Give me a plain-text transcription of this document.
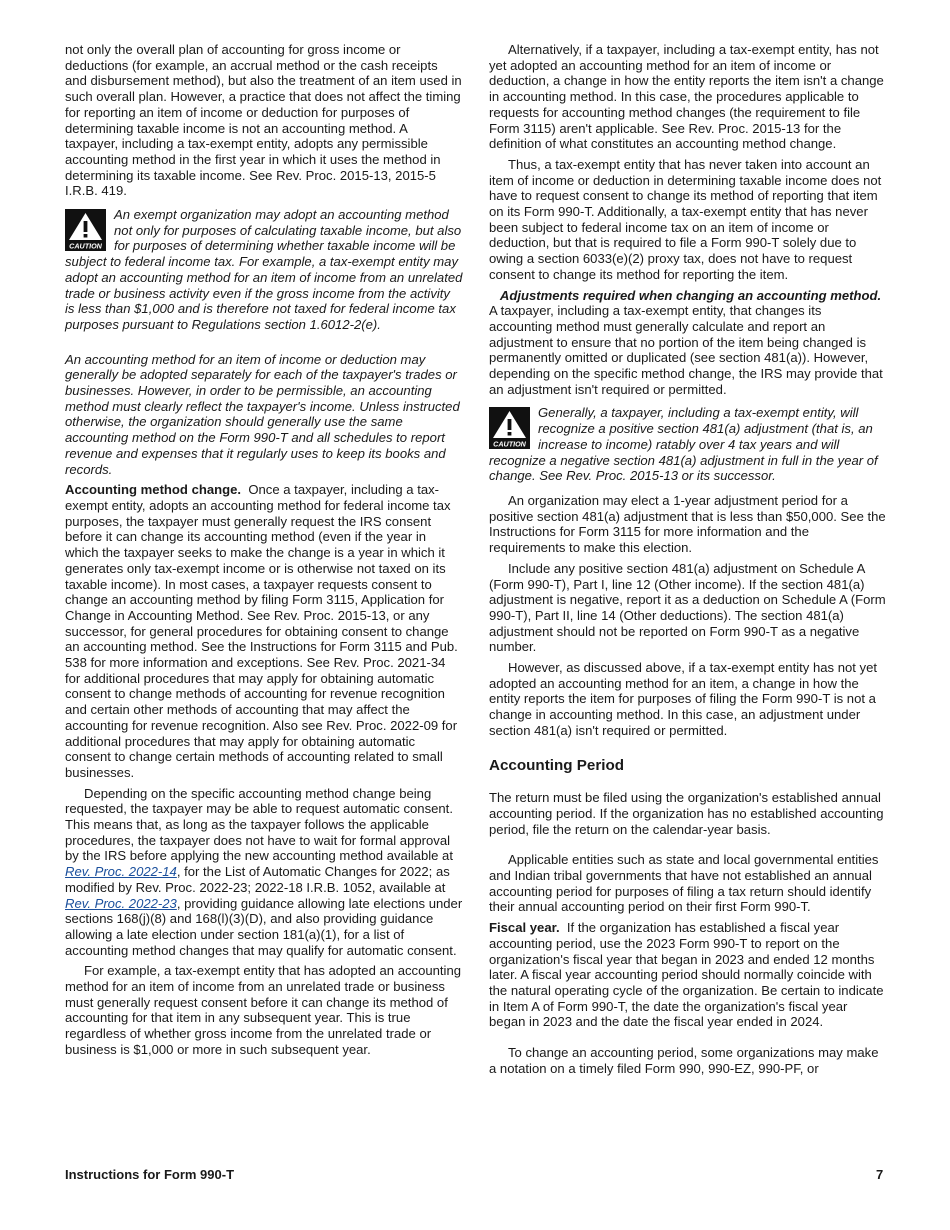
not only the overall plan of accounting for gross income or deductions (for example, an accrual method or the cash receipts and disbursement method), but also the treatment of an item used in such overall plan. However, a practice that does not affect the timing for reporting an item of income or deduction for purposes of determining taxable income is not an accounting method. A taxpayer, including a tax-exempt entity, adopts any permissible accounting method in the first year in which it uses the method in determining its taxable income. See Rev. Proc. 2015-13, 2015-5 I.R.B. 419.

CAUTION
An exempt organization may adopt an accounting method not only for purposes of calculating taxable income, but also for purposes of determining whether taxable income will be subject to federal income tax. For example, a tax-exempt entity may adopt an accounting method for an item of income from an unrelated trade or business activity even if the gross income from the activity is less than $1,000 and is therefore not taxed for federal income tax purposes pursuant to Regulations section 1.6012-2(e).

An accounting method for an item of income or deduction may generally be adopted separately for each of the taxpayer's trades or businesses. However, in order to be permissible, an accounting method must clearly reflect the taxpayer's income. Unless instructed otherwise, the organization should generally use the same accounting method on the Form 990-T and all schedules to report revenue and expenses that it regularly uses to keep its books and records.

Accounting method change. Once a taxpayer, including a tax-exempt entity, adopts an accounting method for federal income tax purposes, the taxpayer must generally request the IRS consent before it can change its accounting method (even if the year in which the taxpayer seeks to make the change is a year in which it generates only tax-exempt income or is otherwise not taxed on its taxable income). In most cases, a taxpayer requests consent to change an accounting method by filing Form 3115, Application for Change in Accounting Method. See Rev. Proc. 2015-13, or any successor, for general procedures for obtaining consent to change an accounting method. See the Instructions for Form 3115 and Pub. 538 for more information and exceptions. See Rev. Proc. 2021-34 for additional procedures that may apply for obtaining automatic consent to change methods of accounting for revenue recognition and certain other methods of accounting that may affect the accounting for revenue recognition. Also see Rev. Proc. 2022-09 for additional procedures that may apply for obtaining automatic consent to change certain methods of accounting related to small businesses.

Depending on the specific accounting method change being requested, the taxpayer may be able to request automatic consent. This means that, as long as the taxpayer follows the applicable procedures, the taxpayer does not have to wait for formal approval by the IRS before applying the new accounting method available at Rev. Proc. 2022-14, for the List of Automatic Changes for 2022; as modified by Rev. Proc. 2022-23; 2022-18 I.R.B. 1052, available at Rev. Proc. 2022-23, providing guidance allowing late elections under sections 168(j)(8) and 168(l)(3)(D), and also providing guidance allowing a late election under section 181(a)(1), for a list of accounting method changes that may qualify for automatic consent.

For example, a tax-exempt entity that has adopted an accounting method for an item of income from an unrelated trade or business must generally request consent before it can change its method of accounting for that item in any subsequent year. This is true regardless of whether gross income from the unrelated trade or business is $1,000 or more in such subsequent year.

Alternatively, if a taxpayer, including a tax-exempt entity, has not yet adopted an accounting method for an item of income or deduction, a change in how the entity reports the item isn't a change in accounting method. In this case, the procedures applicable to requests for accounting method changes (the requirement to file Form 3115) aren't applicable. See Rev. Proc. 2015-13 for the definition of what constitutes an accounting method change.

Thus, a tax-exempt entity that has never taken into account an item of income or deduction in determining taxable income does not have to request consent to change its method of reporting that item on its Form 990-T. Additionally, a tax-exempt entity that has never been subject to federal income tax on an item of income or deduction, but that is required to file a Form 990-T solely due to owing a section 6033(e)(2) proxy tax, does not have to request consent to change its method for reporting the item.

Adjustments required when changing an accounting method.  A taxpayer, including a tax-exempt entity, that changes its accounting method must generally calculate and report an adjustment to ensure that no portion of the item being changed is permanently omitted or duplicated (see section 481(a)). However, depending on the specific method change, the IRS may provide that an adjustment isn't required or permitted.

CAUTION
Generally, a taxpayer, including a tax-exempt entity, will recognize a positive section 481(a) adjustment (that is, an increase to income) ratably over 4 tax years and will recognize a negative section 481(a) adjustment in full in the year of change. See Rev. Proc. 2015-13 or its successor.

An organization may elect a 1-year adjustment period for a positive section 481(a) adjustment that is less than $50,000. See the Instructions for Form 3115 for more information and the requirements to make this election.

Include any positive section 481(a) adjustment on Schedule A (Form 990-T), Part I, line 12 (Other income). If the section 481(a) adjustment is negative, report it as a deduction on Schedule A (Form 990-T), Part II, line 14 (Other deductions). The section 481(a) adjustment should not be reported on Form 990-T as a negative number.

However, as discussed above, if a tax-exempt entity has not yet adopted an accounting method for an item, a change in how the entity reports the item for purposes of filing the Form 990-T is not a change in accounting method. In this case, an adjustment under section 481(a) isn't required or permitted.

Accounting Period

The return must be filed using the organization's established annual accounting period. If the organization has no established accounting period, file the return on the calendar-year basis.

Applicable entities such as state and local governmental entities and Indian tribal governments that have not established an annual accounting period for purposes of filing a tax return should identify their annual accounting period on their first Form 990-T.

Fiscal year. If the organization has established a fiscal year accounting period, use the 2023 Form 990-T to report on the organization's fiscal year that began in 2023 and ended 12 months later. A fiscal year accounting period should normally coincide with the natural operating cycle of the organization. Be certain to indicate in Item A of Form 990-T, the date the organization's fiscal year began in 2023 and the date the fiscal year ended in 2024.

To change an accounting period, some organizations may make a notation on a timely filed Form 990, 990-EZ, 990-PF, or

Instructions for Form 990-T	7
